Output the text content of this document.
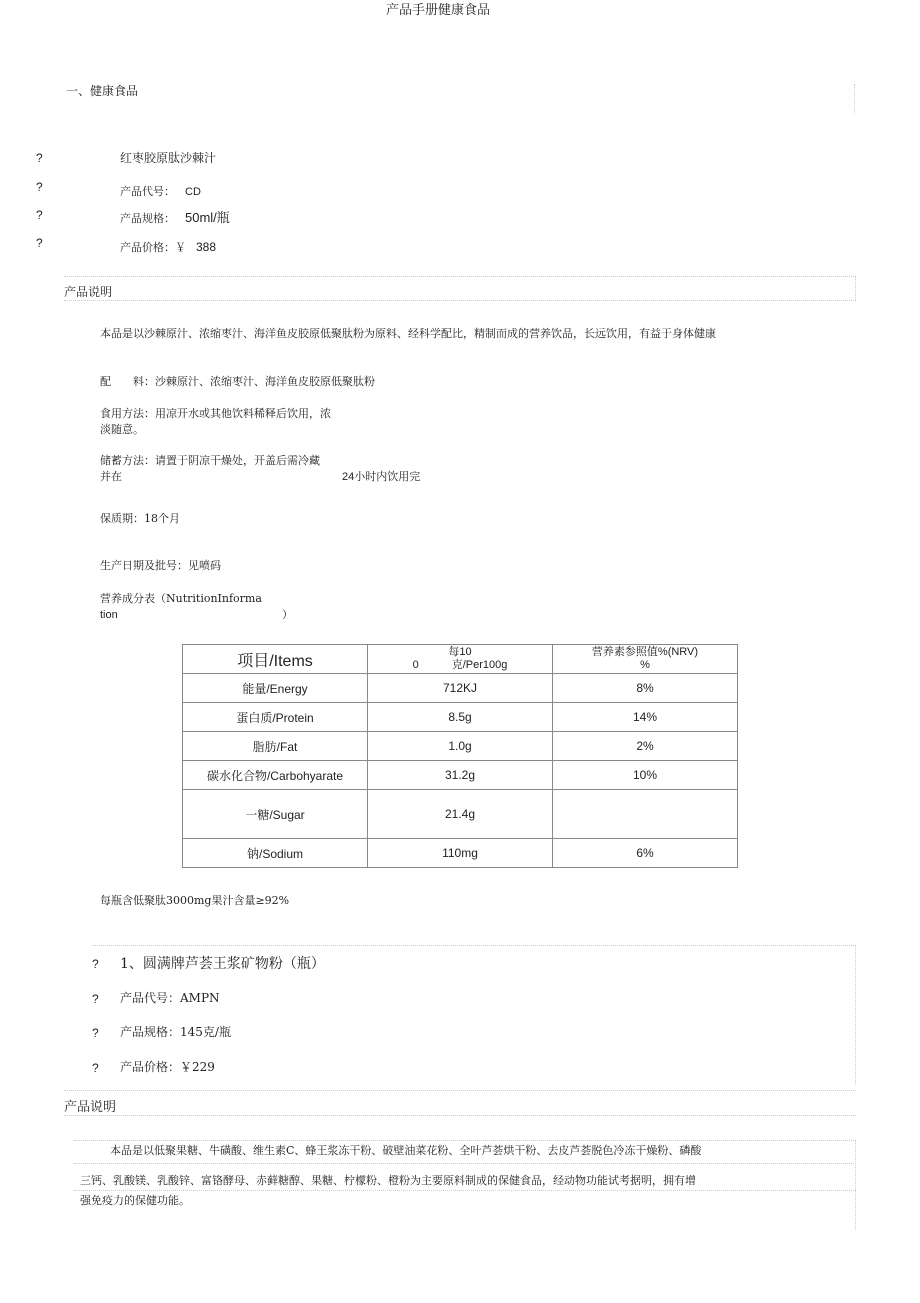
产品手册健康食品
一、健康食品
?	红枣胶原肽沙棘汁
?	产品代号： CD
?	产品规格： 50ml/瓶
?	产品价格：￥ 388
产品说明
本品是以沙棘原汁、浓缩枣汁、海洋鱼皮胶原低聚肽粉为原料、经科学配比，精制而成的营养饮品，长远饮用，有益于身体健康
配　　料：沙棘原汁、浓缩枣汁、海洋鱼皮胶原低聚肽粉
食用方法：用凉开水或其他饮料稀释后饮用，浓
淡随意。
储蓄方法：请置于阴凉干燥处，开盖后需冷藏
并在	24小时内饮用完
保质期：18个月
生产日期及批号：见喷码
营养成分表（NutritionInforma
tion	）
项目/Items	每10
0　　　 克/Per100g	营养素参照值%(NRV)
%
能量/Energy	712KJ	8%
蛋白质/Protein	8.5g	14%
脂肪/Fat	1.0g	2%
碳水化合物/Carbohyarate	31.2g	10%
一糖/Sugar	21.4g	
钠/Sodium	110mg	6%
每瓶含低聚肽3000mg果汁含量≥92%
? 1、圆满牌芦荟王浆矿物粉（瓶）
? 产品代号：AMPN
? 产品规格：145克/瓶
? 产品价格：￥229
产品说明
本品是以低聚果糖、牛磺酸、维生素C、蜂王浆冻干粉、破壁油菜花粉、全叶芦荟烘干粉、去皮芦荟脱色冷冻干燥粉、磷酸
三钙、乳酸镁、乳酸锌、富铬酵母、赤藓糖醇、果糖、柠檬粉、橙粉为主要原料制成的保健食品，经动物功能试考据明，拥有增
强免疫力的保健功能。
